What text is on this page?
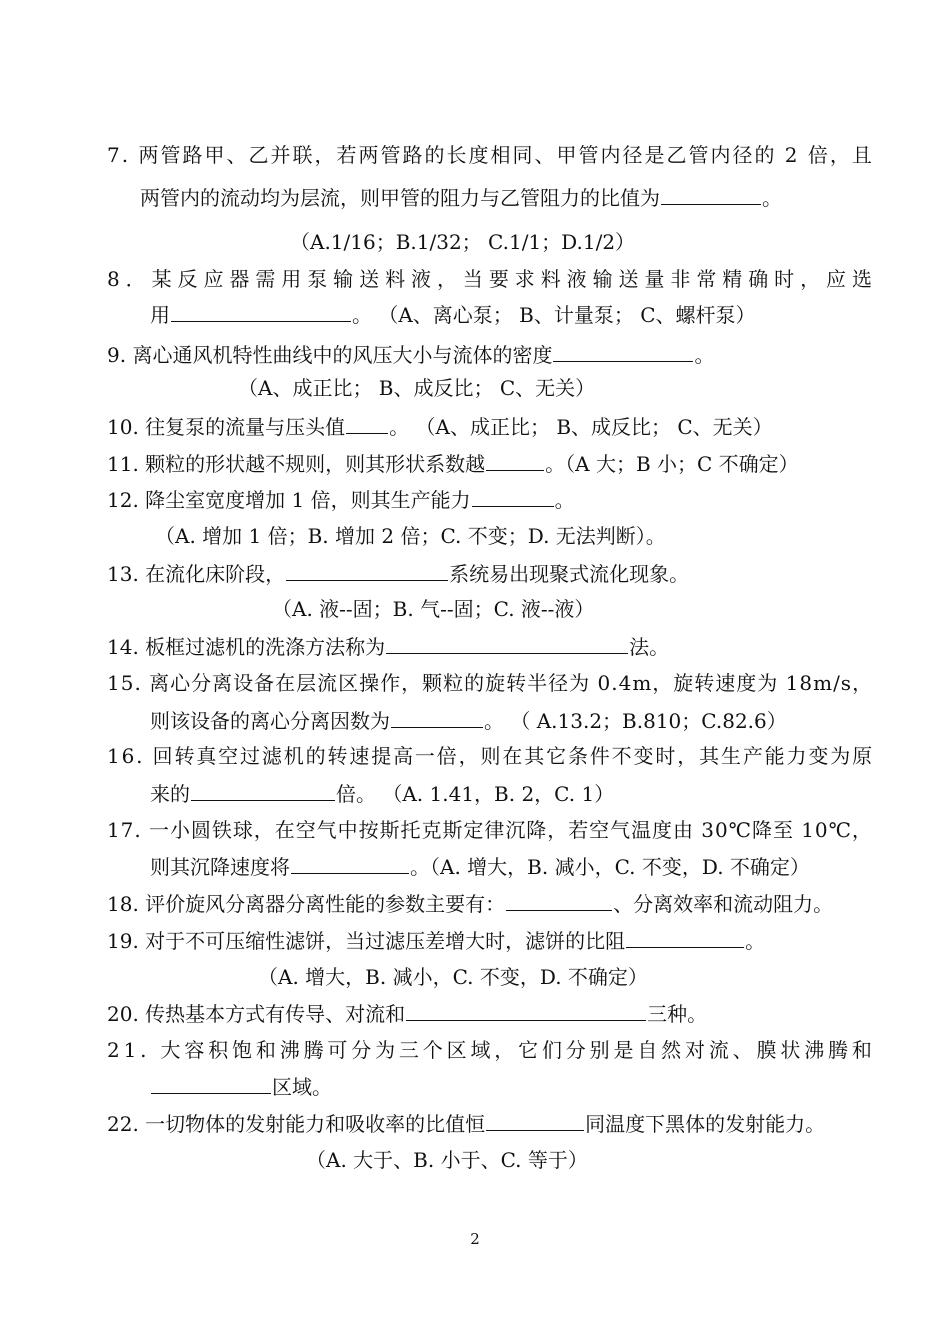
7. 两管路甲、乙并联，若两管路的长度相同、甲管内径是乙管内径的 2 倍，且
两管内的流动均为层流，则甲管的阻力与乙管阻力的比值为	。
（A.1/16；B.1/32； C.1/1；D.1/2）
8．某反应器需用泵输送料液，当要求料液输送量非常精确时，应选
用	。 （A、离心泵； B、计量泵； C、螺杆泵）
9. 离心通风机特性曲线中的风压大小与流体的密度	。
（A、成正比； B、成反比； C、无关）
10. 往复泵的流量与压头值 。 （A、成正比； B、成反比； C、无关）
11. 颗粒的形状越不规则，则其形状系数越	。（A 大；B 小；C 不确定）
12. 降尘室宽度增加 1 倍，则其生产能力	。
（A. 增加 1 倍；B. 增加 2 倍；C. 不变；D. 无法判断）。
13. 在流化床阶段，	系统易出现聚式流化现象。
（A. 液--固；B. 气--固；C. 液--液）
14. 板框过滤机的洗涤方法称为	法。
15. 离心分离设备在层流区操作，颗粒的旋转半径为 0.4m，旋转速度为 18m/s，
则该设备的离心分离因数为	。 （ A.13.2；B.810；C.82.6）
16. 回转真空过滤机的转速提高一倍，则在其它条件不变时，其生产能力变为原
来的	倍。 （A. 1.41，B. 2，C. 1）
17. 一小圆铁球，在空气中按斯托克斯定律沉降，若空气温度由 30℃降至 10℃，
则其沉降速度将	。（A. 增大，B. 减小，C. 不变，D. 不确定）
18. 评价旋风分离器分离性能的参数主要有：	、分离效率和流动阻力。
19. 对于不可压缩性滤饼，当过滤压差增大时，滤饼的比阻	。
（A. 增大，B. 减小，C. 不变，D. 不确定）
20. 传热基本方式有传导、对流和	三种。
21. 大容积饱和沸腾可分为三个区域，它们分别是自然对流、膜状沸腾和
区域。
22. 一切物体的发射能力和吸收率的比值恒	同温度下黑体的发射能力。
（A. 大于、B. 小于、C. 等于）
2
